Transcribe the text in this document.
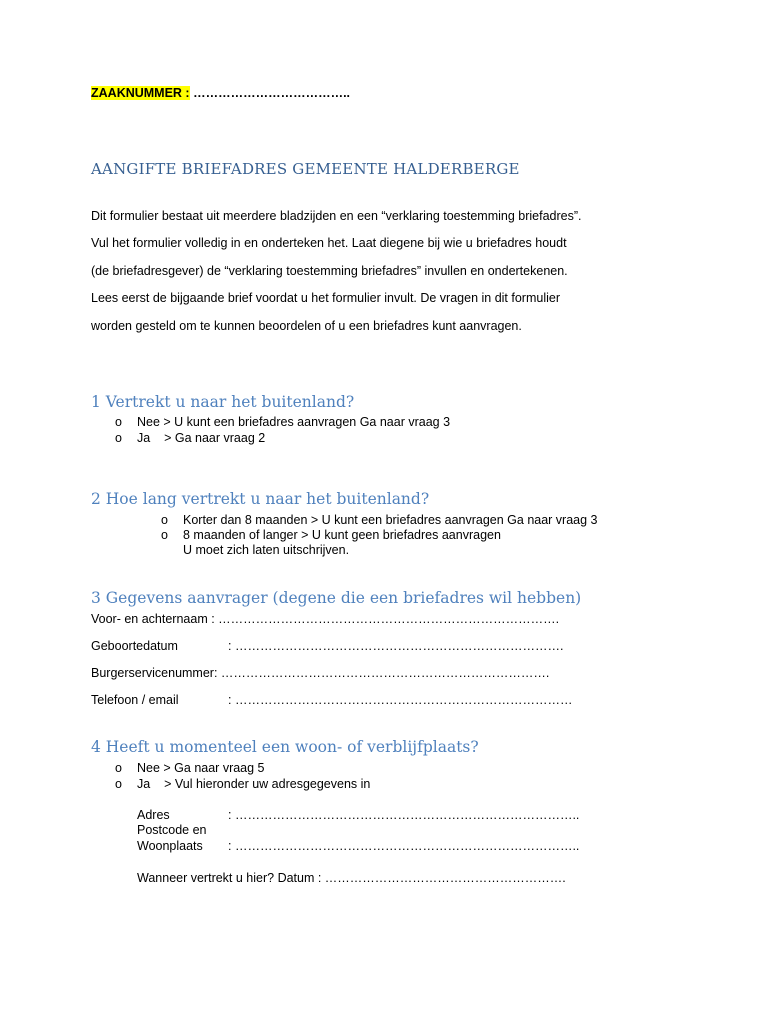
ZAAKNUMMER : ………………………………..
AANGIFTE BRIEFADRES GEMEENTE HALDERBERGE
Dit formulier bestaat uit meerdere bladzijden en een “verklaring toestemming briefadres”.
Vul het formulier volledig in en onderteken het. Laat diegene bij wie u briefadres houdt
(de briefadresgever) de “verklaring toestemming briefadres” invullen en ondertekenen.
Lees eerst de bijgaande brief voordat u het formulier invult. De vragen in dit formulier
worden gesteld om te kunnen beoordelen of u een briefadres kunt aanvragen.
1 Vertrekt u naar het buitenland?
o Nee > U kunt een briefadres aanvragen Ga naar vraag 3
o Ja    > Ga naar vraag 2
2 Hoe lang vertrekt u naar het buitenland?
o Korter dan 8 maanden > U kunt een briefadres aanvragen Ga naar vraag 3
o 8 maanden of langer > U kunt geen briefadres aanvragen
U moet zich laten uitschrijven.
3 Gegevens aanvrager (degene die een briefadres wil hebben)
Voor- en achternaam : ……………………………………………………………………….
Geboortedatum	: …………………………………………………………………….
Burgerservicenummer: …………………………………………………………………….
Telefoon / email	: ………………………………………………………………………
4 Heeft u momenteel een woon- of verblijfplaats?
o Nee > Ga naar vraag 5
o Ja    > Vul hieronder uw adresgegevens in
Adres	: ………………………………………………………………………..
Postcode en
Woonplaats : ………………………………………………………………………..
Wanneer vertrekt u hier? Datum : ………………………………………………….
